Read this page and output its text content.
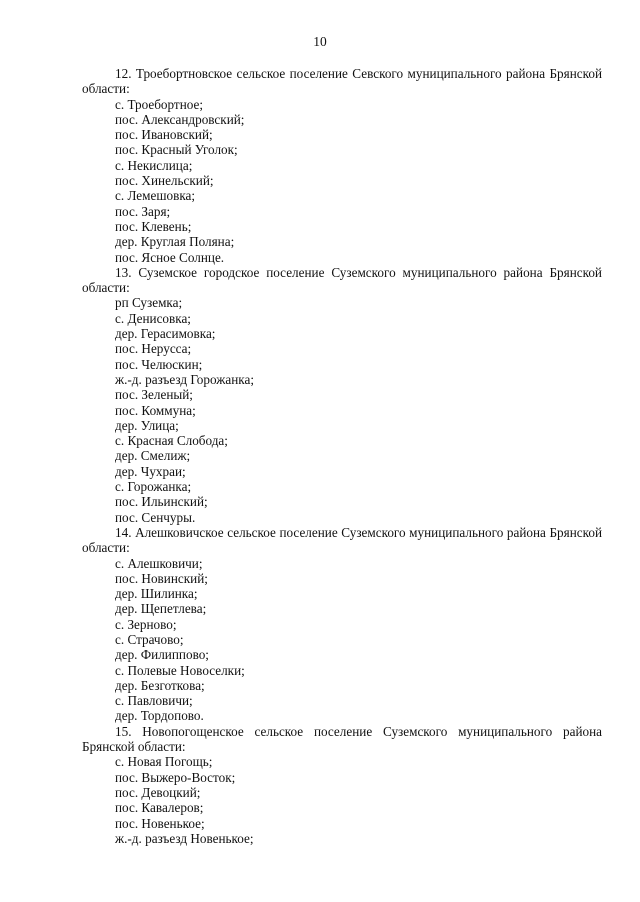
10

12. Троебортновское сельское поселение Севского муниципального района Брянской области:

с. Троебортное;
пос. Александровский;
пос. Ивановский;
пос. Красный Уголок;
с. Некислица;
пос. Хинельский;
с. Лемешовка;
пос. Заря;
пос. Клевень;
дер. Круглая Поляна;
пос. Ясное Солнце.

13. Суземское городское поселение Суземского муниципального района Брянской области:

рп Суземка;
с. Денисовка;
дер. Герасимовка;
пос. Нерусса;
пос. Челюскин;
ж.-д. разъезд Горожанка;
пос. Зеленый;
пос. Коммуна;
дер. Улица;
с. Красная Слобода;
дер. Смелиж;
дер. Чухраи;
с. Горожанка;
пос. Ильинский;
пос. Сенчуры.

14. Алешковичское сельское поселение Суземского муниципального района Брянской области:

с. Алешковичи;
пос. Новинский;
дер. Шилинка;
дер. Щепетлева;
с. Зерново;
с. Страчово;
дер. Филиппово;
с. Полевые Новоселки;
дер. Безготкова;
с. Павловичи;
дер. Тордопово.

15. Новопогощенское сельское поселение Суземского муниципального района Брянской области:

с. Новая Погощь;
пос. Выжеро-Восток;
пос. Девоцкий;
пос. Кавалеров;
пос. Новенькое;
ж.-д. разъезд Новенькое;
